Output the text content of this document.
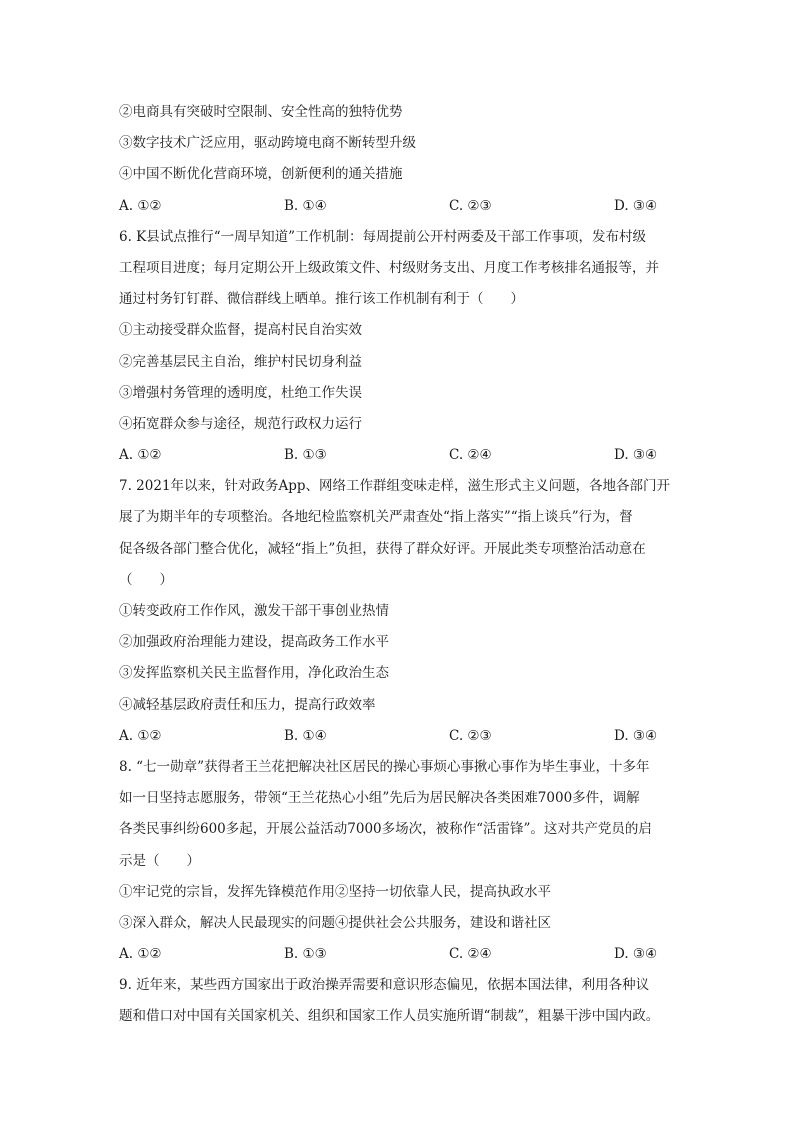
②电商具有突破时空限制、安全性高的独特优势
③数字技术广泛应用，驱动跨境电商不断转型升级
④中国不断优化营商环境，创新便利的通关措施
A. ①②	B. ①④	C. ②③	D. ③④
6. K县试点推行“一周早知道”工作机制：每周提前公开村两委及干部工作事项，发布村级
工程项目进度；每月定期公开上级政策文件、村级财务支出、月度工作考核排名通报等，并
通过村务钉钉群、微信群线上晒单。推行该工作机制有利于（　　）
①主动接受群众监督，提高村民自治实效
②完善基层民主自治，维护村民切身利益
③增强村务管理的透明度，杜绝工作失误
④拓宽群众参与途径，规范行政权力运行
A. ①②	B. ①③	C. ②④	D. ③④
7. 2021年以来，针对政务App、网络工作群组变味走样，滋生形式主义问题，各地各部门开
展了为期半年的专项整治。各地纪检监察机关严肃查处“指上落实”“指上谈兵”行为，督
促各级各部门整合优化，减轻“指上”负担，获得了群众好评。开展此类专项整治活动意在
（　　）
①转变政府工作作风，激发干部干事创业热情
②加强政府治理能力建设，提高政务工作水平
③发挥监察机关民主监督作用，净化政治生态
④减轻基层政府责任和压力，提高行政效率
A. ①②	B. ①④	C. ②③	D. ③④
8. “七一勋章”获得者王兰花把解决社区居民的操心事烦心事揪心事作为毕生事业，十多年
如一日坚持志愿服务，带领“王兰花热心小组”先后为居民解决各类困难7000多件，调解
各类民事纠纷600多起，开展公益活动7000多场次，被称作“活雷锋”。这对共产党员的启
示是（　　）
①牢记党的宗旨，发挥先锋模范作用②坚持一切依靠人民，提高执政水平
③深入群众，解决人民最现实的问题④提供社会公共服务，建设和谐社区
A. ①②	B. ①③	C. ②④	D. ③④
9. 近年来，某些西方国家出于政治操弄需要和意识形态偏见，依据本国法律，利用各种议
题和借口对中国有关国家机关、组织和国家工作人员实施所谓“制裁”，粗暴干涉中国内政。
